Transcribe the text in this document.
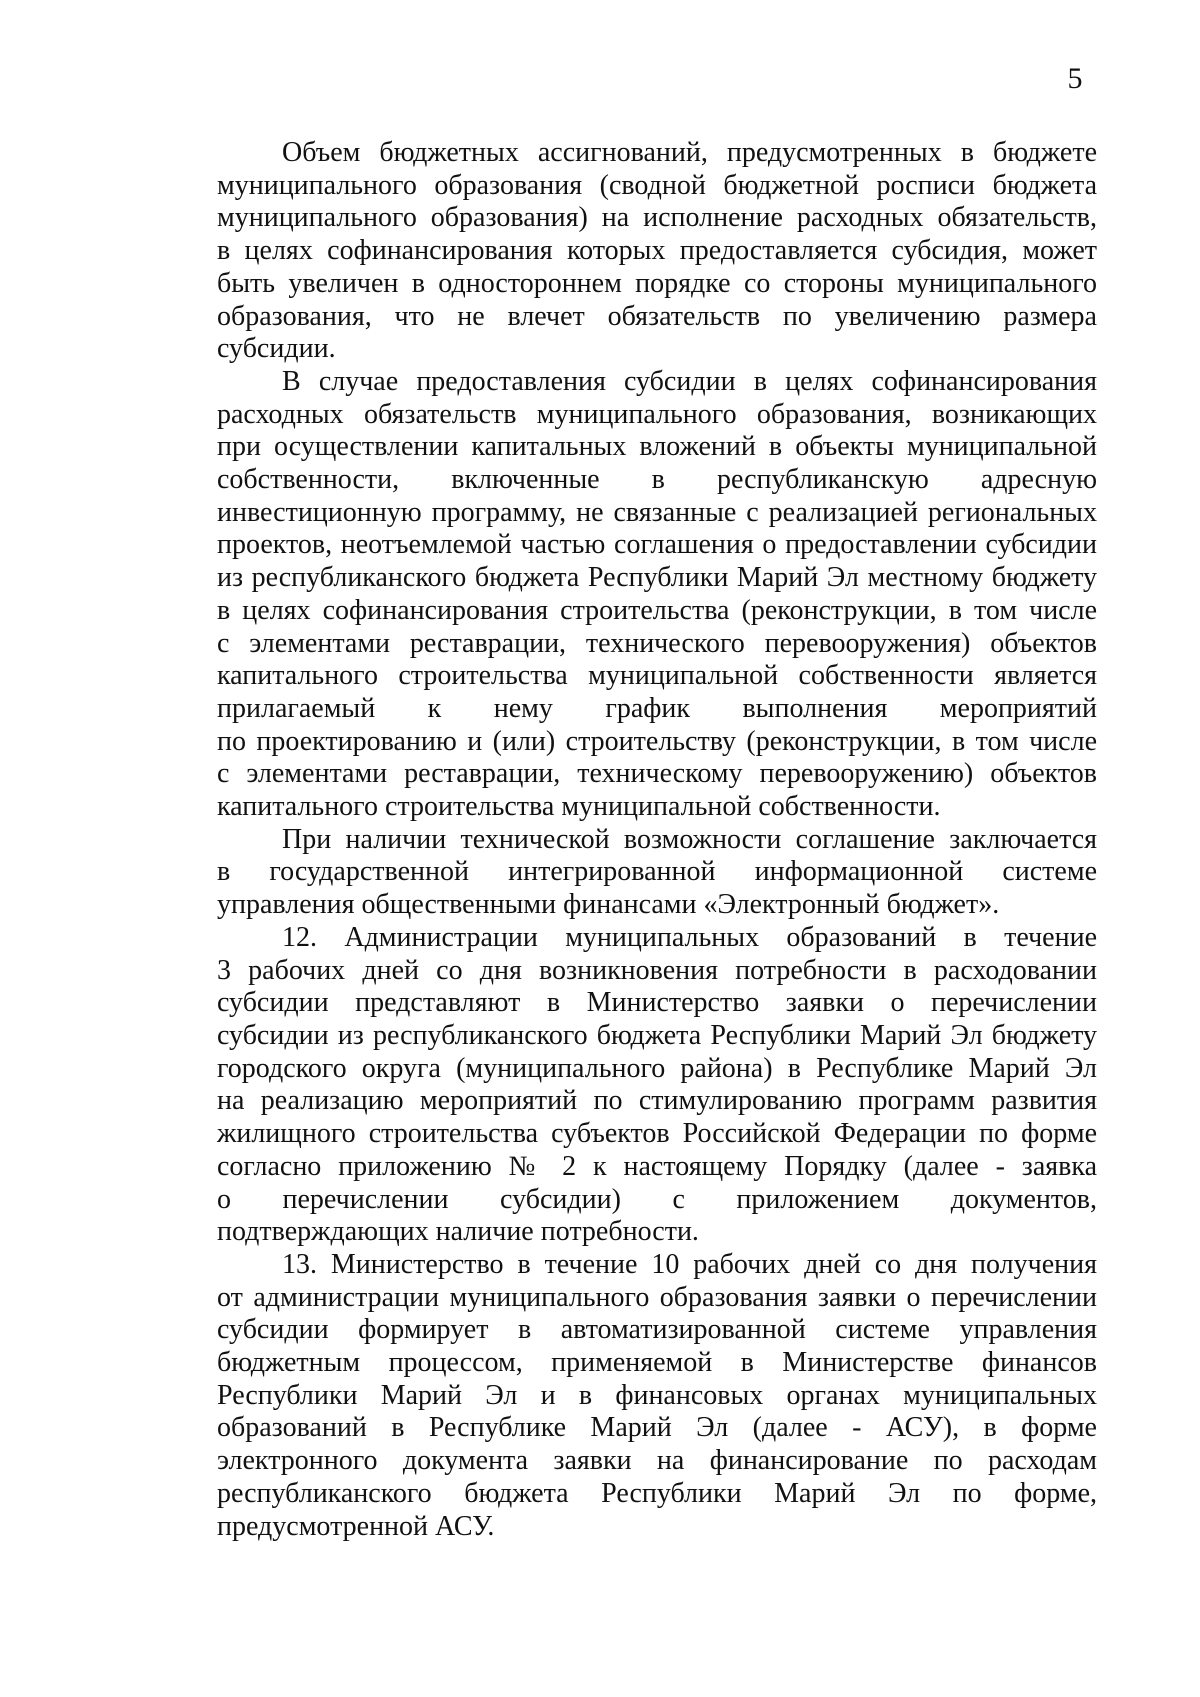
5
Объем бюджетных ассигнований, предусмотренных в бюджете
муниципального образования (сводной бюджетной росписи бюджета
муниципального образования) на исполнение расходных обязательств,
в целях софинансирования которых предоставляется субсидия, может
быть увеличен в одностороннем порядке со стороны муниципального
образования, что не влечет обязательств по увеличению размера
субсидии.
В случае предоставления субсидии в целях софинансирования
расходных обязательств муниципального образования, возникающих
при осуществлении капитальных вложений в объекты муниципальной
собственности, включенные в республиканскую адресную
инвестиционную программу, не связанные с реализацией региональных
проектов, неотъемлемой частью соглашения о предоставлении субсидии
из республиканского бюджета Республики Марий Эл местному бюджету
в целях софинансирования строительства (реконструкции, в том числе
с элементами реставрации, технического перевооружения) объектов
капитального строительства муниципальной собственности является
прилагаемый к нему график выполнения мероприятий
по проектированию и (или) строительству (реконструкции, в том числе
с элементами реставрации, техническому перевооружению) объектов
капитального строительства муниципальной собственности.
При наличии технической возможности соглашение заключается
в государственной интегрированной информационной системе
управления общественными финансами «Электронный бюджет».
12. Администрации муниципальных образований в течение
3 рабочих дней со дня возникновения потребности в расходовании
субсидии представляют в Министерство заявки о перечислении
субсидии из республиканского бюджета Республики Марий Эл бюджету
городского округа (муниципального района) в Республике Марий Эл
на реализацию мероприятий по стимулированию программ развития
жилищного строительства субъектов Российской Федерации по форме
согласно приложению № 2 к настоящему Порядку (далее - заявка
о перечислении субсидии) с приложением документов,
подтверждающих наличие потребности.
13. Министерство в течение 10 рабочих дней со дня получения
от администрации муниципального образования заявки о перечислении
субсидии формирует в автоматизированной системе управления
бюджетным процессом, применяемой в Министерстве финансов
Республики Марий Эл и в финансовых органах муниципальных
образований в Республике Марий Эл (далее - АСУ), в форме
электронного документа заявки на финансирование по расходам
республиканского бюджета Республики Марий Эл по форме,
предусмотренной АСУ.
